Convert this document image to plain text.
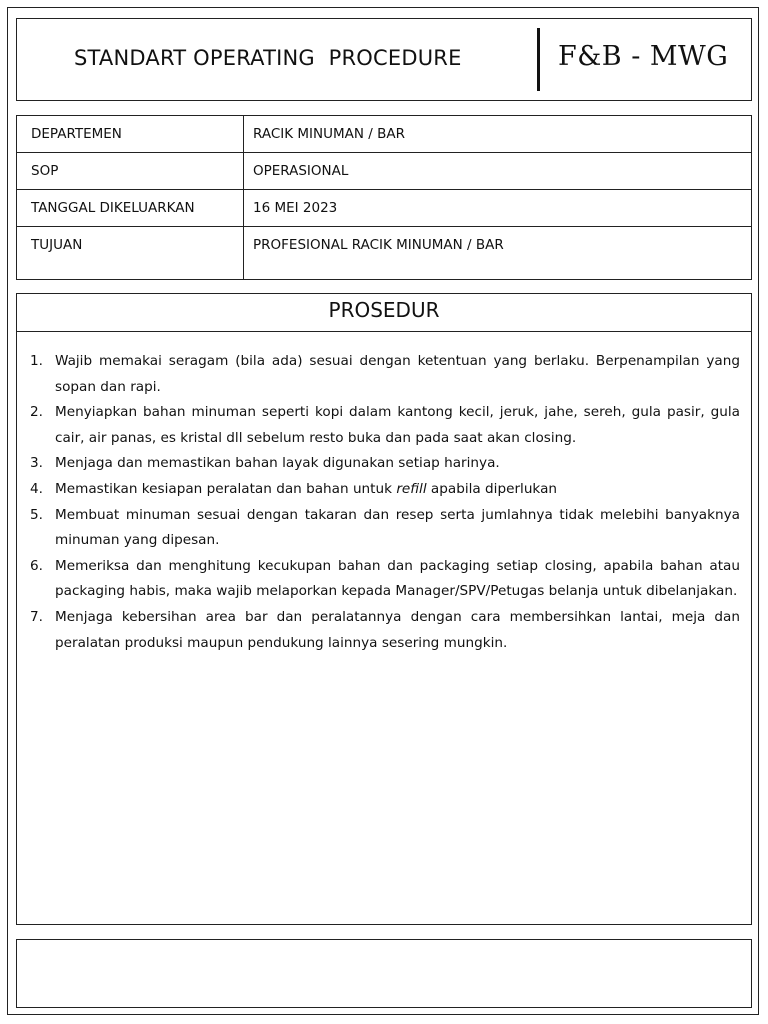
STANDART OPERATING  PROCEDURE	F&B - MWG
DEPARTEMEN	RACIK MINUMAN / BAR
SOP	OPERASIONAL
TANGGAL DIKELUARKAN	16 MEI 2023
TUJUAN	PROFESIONAL RACIK MINUMAN / BAR
PROSEDUR
1. Wajib memakai seragam (bila ada) sesuai dengan ketentuan yang berlaku. Berpenampilan yang sopan dan rapi.
2. Menyiapkan bahan minuman seperti kopi dalam kantong kecil, jeruk, jahe, sereh, gula pasir, gula cair, air panas, es kristal dll sebelum resto buka dan pada saat akan closing.
3. Menjaga dan memastikan bahan layak digunakan setiap harinya.
4. Memastikan kesiapan peralatan dan bahan untuk refill apabila diperlukan
5. Membuat minuman sesuai dengan takaran dan resep serta jumlahnya tidak melebihi banyaknya minuman yang dipesan.
6. Memeriksa dan menghitung kecukupan bahan dan packaging setiap closing, apabila bahan atau packaging habis, maka wajib melaporkan kepada Manager/SPV/Petugas belanja untuk dibelanjakan.
7. Menjaga kebersihan area bar dan peralatannya dengan cara membersihkan lantai, meja dan peralatan produksi maupun pendukung lainnya sesering mungkin.
